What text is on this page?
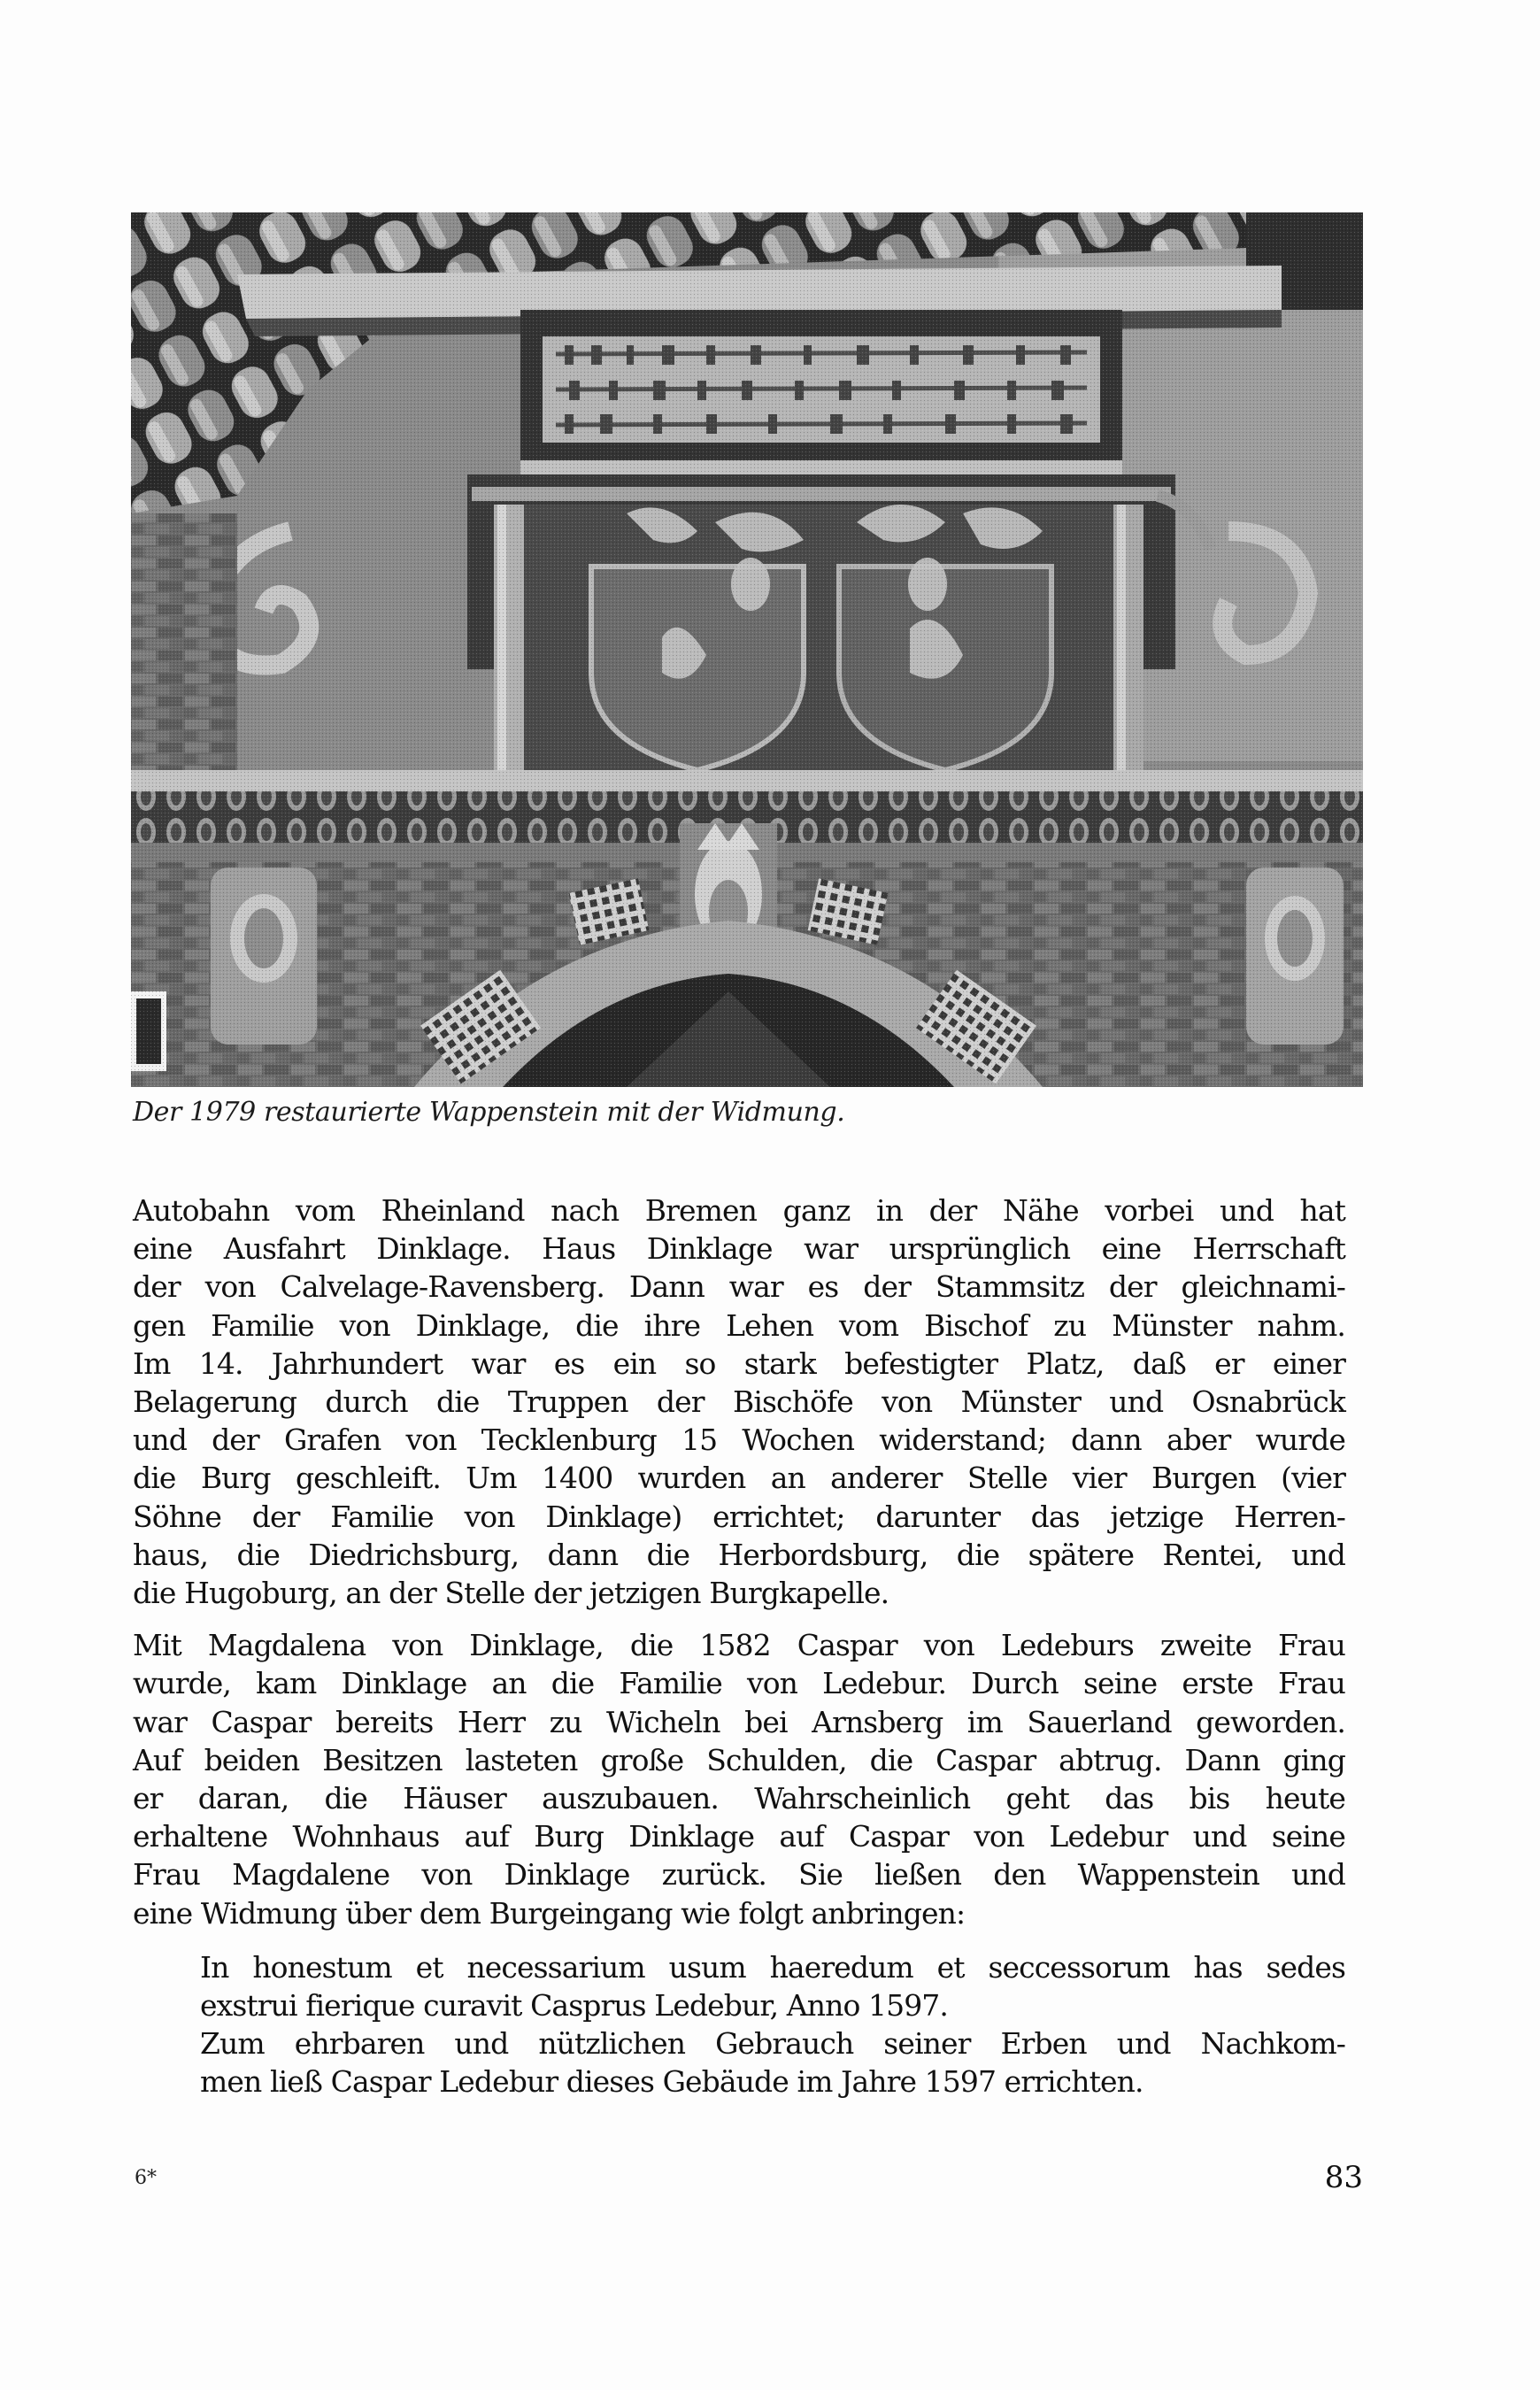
Der 1979 restaurierte Wappenstein mit der Widmung.

Autobahn vom Rheinland nach Bremen ganz in der Nähe vorbei und hat
eine Ausfahrt Dinklage. Haus Dinklage war ursprünglich eine Herrschaft
der von Calvelage-Ravensberg. Dann war es der Stammsitz der gleichnami-
gen Familie von Dinklage, die ihre Lehen vom Bischof zu Münster nahm.
Im 14. Jahrhundert war es ein so stark befestigter Platz, daß er einer
Belagerung durch die Truppen der Bischöfe von Münster und Osnabrück
und der Grafen von Tecklenburg 15 Wochen widerstand; dann aber wurde
die Burg geschleift. Um 1400 wurden an anderer Stelle vier Burgen (vier
Söhne der Familie von Dinklage) errichtet; darunter das jetzige Herren-
haus, die Diedrichsburg, dann die Herbordsburg, die spätere Rentei, und
die Hugoburg, an der Stelle der jetzigen Burgkapelle.

Mit Magdalena von Dinklage, die 1582 Caspar von Ledeburs zweite Frau
wurde, kam Dinklage an die Familie von Ledebur. Durch seine erste Frau
war Caspar bereits Herr zu Wicheln bei Arnsberg im Sauerland geworden.
Auf beiden Besitzen lasteten große Schulden, die Caspar abtrug. Dann ging
er daran, die Häuser auszubauen. Wahrscheinlich geht das bis heute
erhaltene Wohnhaus auf Burg Dinklage auf Caspar von Ledebur und seine
Frau Magdalene von Dinklage zurück. Sie ließen den Wappenstein und
eine Widmung über dem Burgeingang wie folgt anbringen:

In honestum et necessarium usum haeredum et seccessorum has sedes
exstrui fierique curavit Casprus Ledebur, Anno 1597.
Zum ehrbaren und nützlichen Gebrauch seiner Erben und Nachkom-
men ließ Caspar Ledebur dieses Gebäude im Jahre 1597 errichten.
6*	83
